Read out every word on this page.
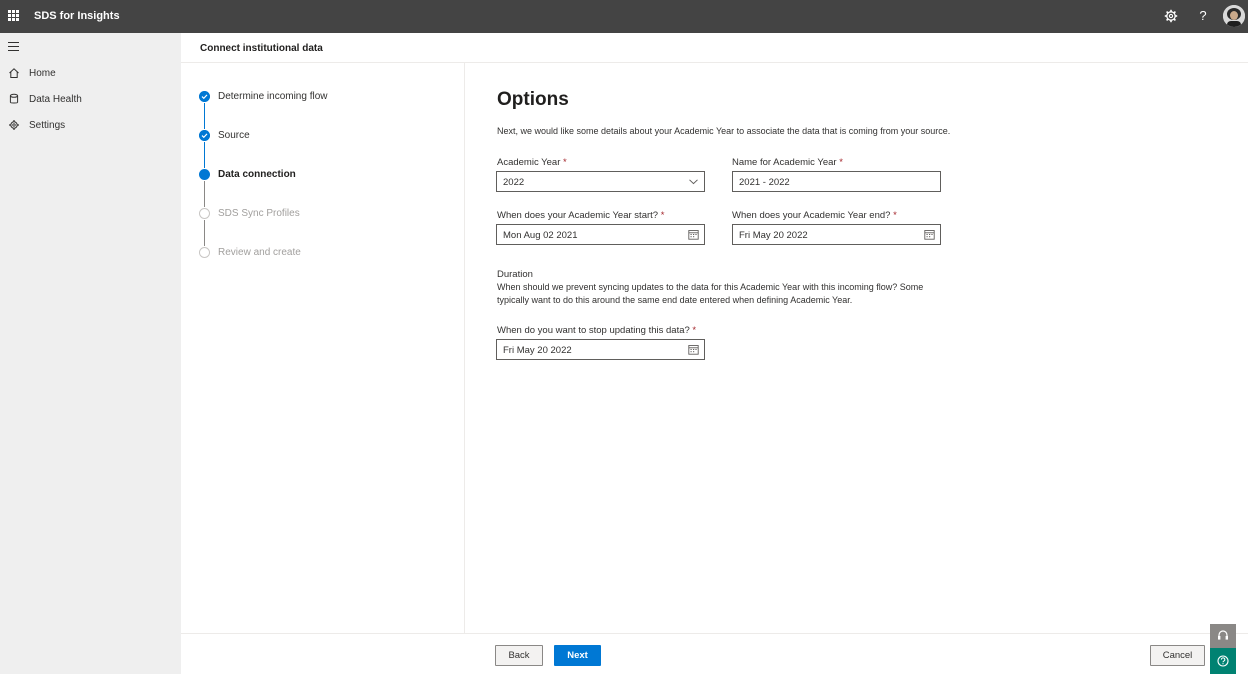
SDS for Insights	?
Home
Data Health
Settings
Connect institutional data
Determine incoming flow
Source
Data connection
SDS Sync Profiles
Review and create
Options
Next, we would like some details about your Academic Year to associate the data that is coming from your source.
Academic Year *
2022
Name for Academic Year *
2021 - 2022
When does your Academic Year start? *
Mon Aug 02 2021
When does your Academic Year end? *
Fri May 20 2022
Duration
When should we prevent syncing updates to the data for this Academic Year with this incoming flow? Some typically want to do this around the same end date entered when defining Academic Year.
When do you want to stop updating this data? *
Fri May 20 2022
Back	Next	Cancel
